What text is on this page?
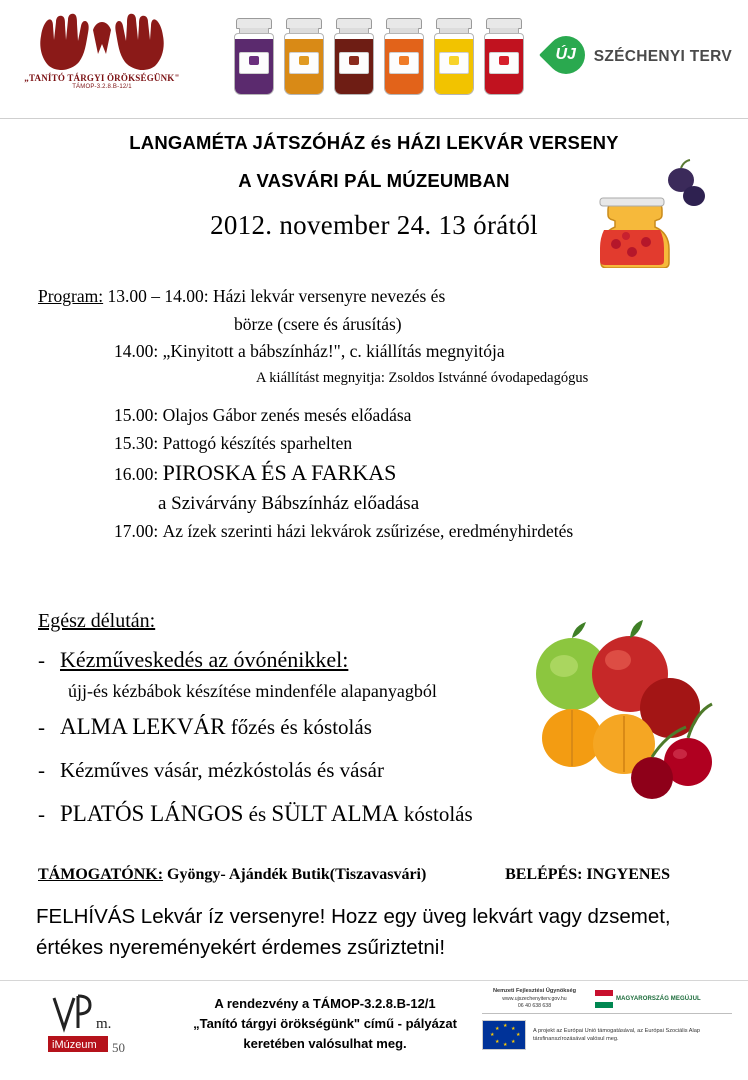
„TANÍTÓ TÁRGYI ÖRÖKSÉGÜNK"
TÁMOP-3.2.8.B-12/1
ÚJ	SZÉCHENYI TERV
LANGAMÉTA JÁTSZÓHÁZ és HÁZI LEKVÁR VERSENY
A VASVÁRI PÁL MÚZEUMBAN
2012. november 24. 13 órától
Program: 13.00 – 14.00: Házi lekvár versenyre nevezés és
börze (csere és árusítás)
14.00: „Kinyitott a bábszínház!", c. kiállítás megnyitója
A kiállítást megnyitja: Zsoldos Istvánné óvodapedagógus
15.00: Olajos Gábor zenés mesés előadása
15.30: Pattogó készítés sparhelten
16.00: PIROSKA ÉS A FARKAS
a Szivárvány Bábszínház előadása
17.00: Az ízek szerinti házi lekvárok zsűrizése, eredményhirdetés
Egész délután:
- Kézműveskedés az óvónénikkel:
újj-és kézbábok készítése mindenféle alapanyagból
- ALMA LEKVÁR főzés és kóstolás
- Kézműves vásár, mézkóstolás és vásár
- PLATÓS LÁNGOS és SÜLT ALMA kóstolás
TÁMOGATÓNK: Gyöngy- Ajándék Butik(Tiszavasvári)	BELÉPÉS: INGYENES
FELHÍVÁS Lekvár íz versenyre! Hozz egy üveg lekvárt vagy dzsemet, értékes nyereményekért érdemes zsűriztetni!
m.
iMúzeum 50
A rendezvény a TÁMOP-3.2.8.B-12/1
„Tanító tárgyi örökségünk" című - pályázat
keretében valósulhat meg.
Nemzeti Fejlesztési Ügynökség
www.ujszechenyiterv.gov.hu
06 40 638 638
MAGYARORSZÁG MEGÚJUL
★
★
★
★
★
★
★
★	A projekt az Európai Unió támogatásával, az Európai Szociális Alap társfinanszírozásával valósul meg.
